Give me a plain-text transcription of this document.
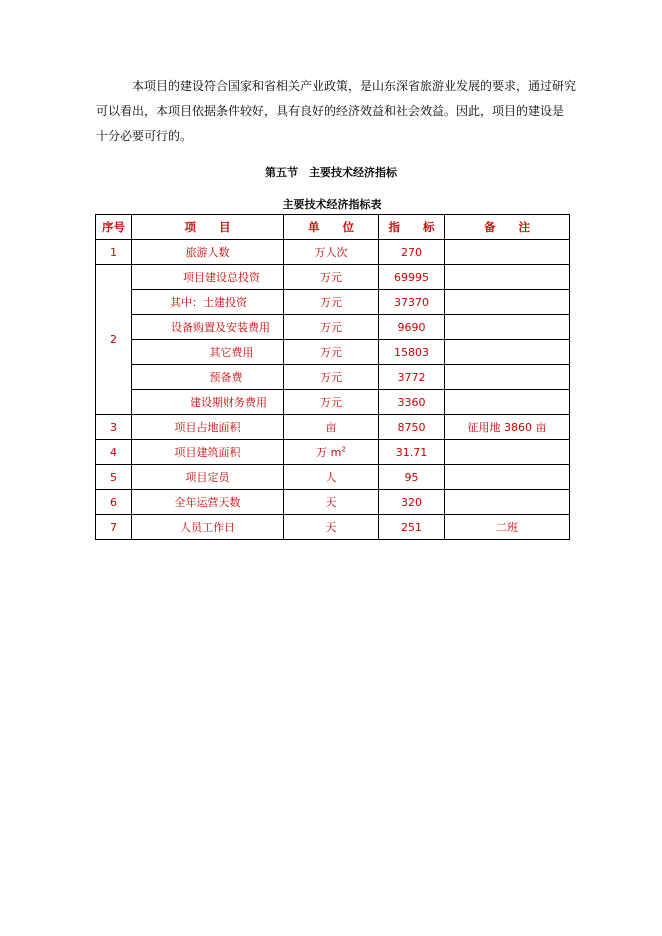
本项目的建设符合国家和省相关产业政策，是山东深省旅游业发展的要求，通过研究
可以看出，本项目依据条件较好，具有良好的经济效益和社会效益。因此，项目的建设是
十分必要可行的。
第五节　主要技术经济指标
主要技术经济指标表
序号	项　　目	单　　位	指　　标	备　　注
1	旅游人数	万人次	270	
2	项目建设总投资	万元	69995	
	其中：土建投资	万元	37370	
	设备购置及安装费用	万元	9690	
	其它费用	万元	15803	
	预备费	万元	3772	
	建设期财务费用	万元	3360	
3	项目占地面积	亩	8750	征用地 3860 亩
4	项目建筑面积	万 $m^2$	31.71	
5	项目定员	人	95	
6	全年运营天数	天	320	
7	人员工作日	天	251	二班
